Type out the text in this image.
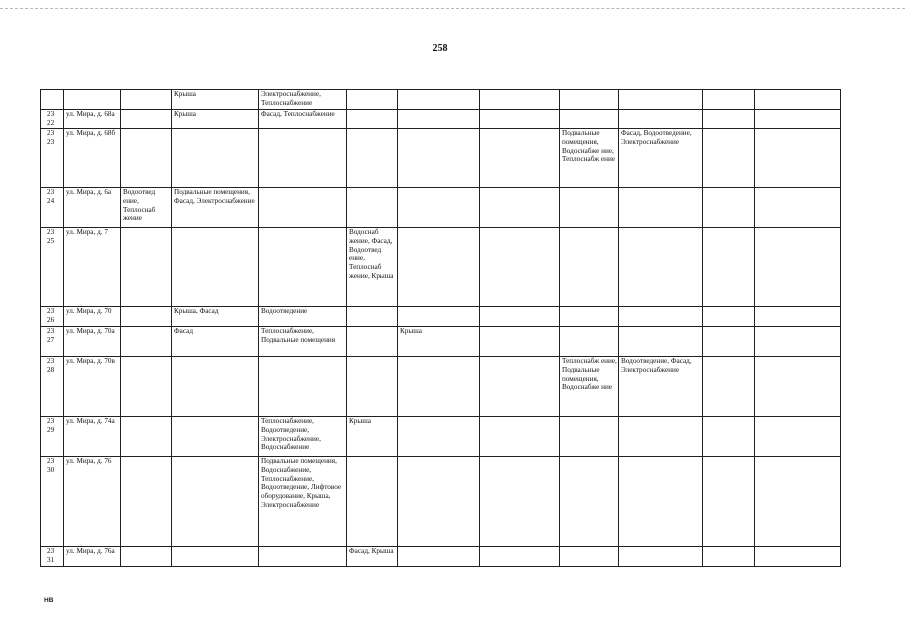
258
			Крыша	Электроснабжение, Теплоснабжение							
23 22	ул. Мира, д. 68а		Крыша	Фасад, Теплоснабжение							
23 23	ул. Мира, д. 68б							Подвальные помещения, Водоснабже ние, Теплоснабж ение	Фасад, Водоотведение, Электроснабжение		
23 24	ул. Мира, д. 6а	Водоотвед ение, Теплоснаб жение	Подвальные помещения, Фасад, Электроснабжение								
23 25	ул. Мира, д. 7				Водоснаб жение, Фасад, Водоотвед ение, Теплоснаб жение, Крыша						
23 26	ул. Мира, д. 70		Крыша, Фасад	Водоотведение							
23 27	ул. Мира, д. 70а		Фасад	Теплоснабжение, Подвальные помещения		Крыша					
23 28	ул. Мира, д. 70в							Теплоснабж ение, Подвальные помещения, Водоснабже ние	Водоотведение, Фасад, Электроснабжение		
23 29	ул. Мира, д. 74а			Теплоснабжение, Водоотведение, Электроснабжение, Водоснабжение	Крыша						
23 30	ул. Мира, д. 76			Подвальные помещения, Водоснабжение, Теплоснабжение, Водоотведение, Лифтовое оборудование, Крыша, Электроснабжение							
23 31	ул. Мира, д. 76а				Фасад, Крыша						
HB
